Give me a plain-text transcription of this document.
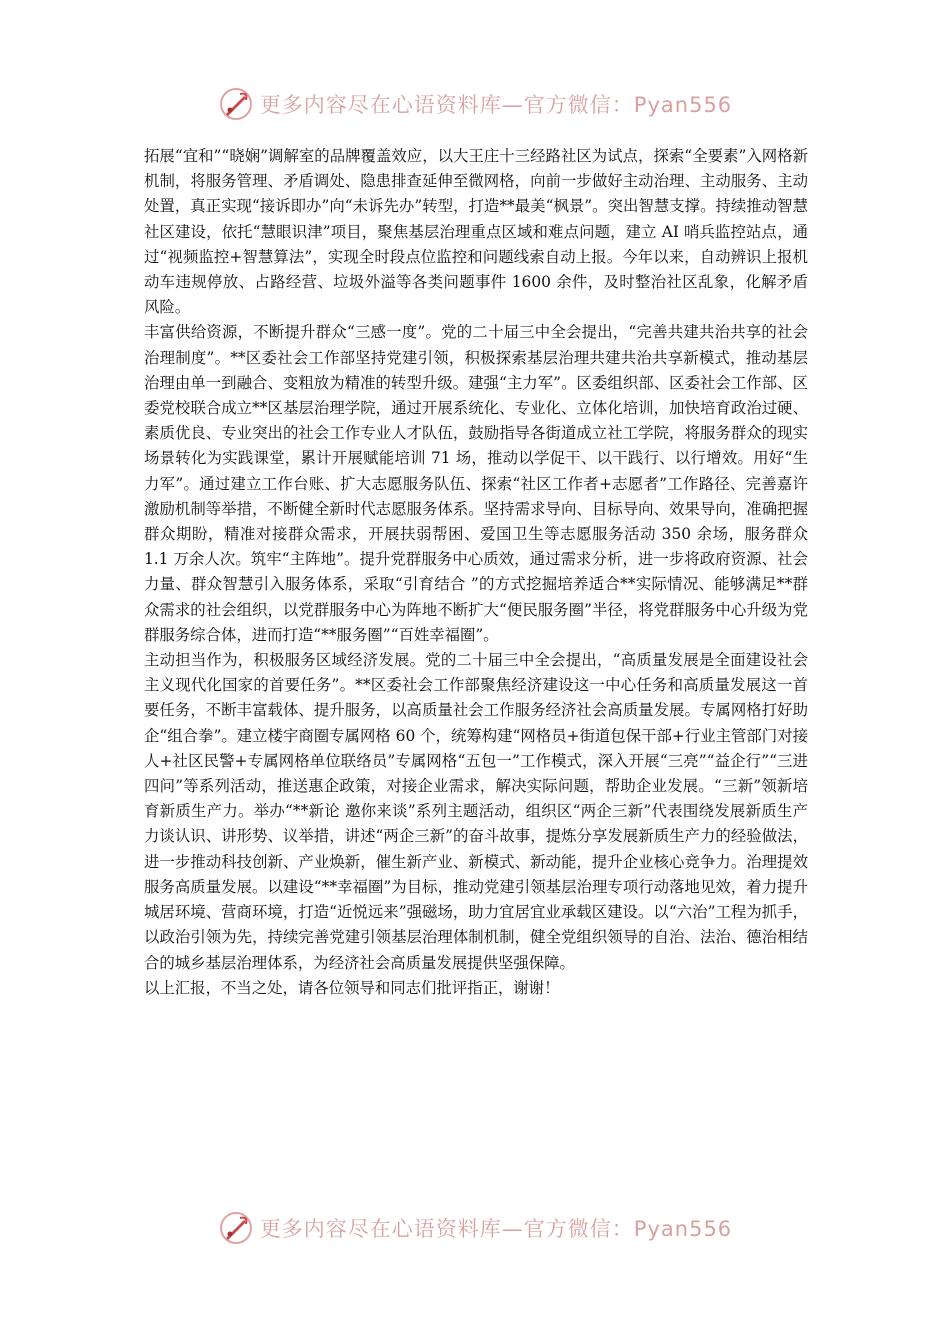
更多内容尽在心语资料库—官方微信：Pyan556

拓展“宜和”“晓娴”调解室的品牌覆盖效应，以大王庄十三经路社区为试点，探索“全要素”入网格新机制，将服务管理、矛盾调处、隐患排查延伸至微网格，向前一步做好主动治理、主动服务、主动处置，真正实现“接诉即办”向“未诉先办”转型，打造**最美“枫景”。突出智慧支撑。持续推动智慧社区建设，依托“慧眼识津”项目，聚焦基层治理重点区域和难点问题，建立 AI 哨兵监控站点，通过“视频监控+智慧算法”，实现全时段点位监控和问题线索自动上报。今年以来，自动辨识上报机动车违规停放、占路经营、垃圾外溢等各类问题事件 1600 余件，及时整治社区乱象，化解矛盾风险。

丰富供给资源，不断提升群众“三感一度”。党的二十届三中全会提出，“完善共建共治共享的社会治理制度”。**区委社会工作部坚持党建引领，积极探索基层治理共建共治共享新模式，推动基层治理由单一到融合、变粗放为精准的转型升级。建强“主力军”。区委组织部、区委社会工作部、区委党校联合成立**区基层治理学院，通过开展系统化、专业化、立体化培训，加快培育政治过硬、素质优良、专业突出的社会工作专业人才队伍，鼓励指导各街道成立社工学院，将服务群众的现实场景转化为实践课堂，累计开展赋能培训 71 场，推动以学促干、以干践行、以行增效。用好“生力军”。通过建立工作台账、扩大志愿服务队伍、探索“社区工作者+志愿者”工作路径、完善嘉许激励机制等举措，不断健全新时代志愿服务体系。坚持需求导向、目标导向、效果导向，准确把握群众期盼，精准对接群众需求，开展扶弱帮困、爱国卫生等志愿服务活动 350 余场，服务群众 1.1 万余人次。筑牢“主阵地”。提升党群服务中心质效，通过需求分析，进一步将政府资源、社会力量、群众智慧引入服务体系，采取“引育结合 ”的方式挖掘培养适合**实际情况、能够满足**群众需求的社会组织，以党群服务中心为阵地不断扩大“便民服务圈”半径，将党群服务中心升级为党群服务综合体，进而打造“**服务圈”“百姓幸福圈”。

主动担当作为，积极服务区域经济发展。党的二十届三中全会提出，“高质量发展是全面建设社会主义现代化国家的首要任务”。**区委社会工作部聚焦经济建设这一中心任务和高质量发展这一首要任务，不断丰富载体、提升服务，以高质量社会工作服务经济社会高质量发展。专属网格打好助企“组合拳”。建立楼宇商圈专属网格 60 个，统筹构建“网格员+街道包保干部+行业主管部门对接人+社区民警+专属网格单位联络员”专属网格“五包一”工作模式，深入开展“三亮”“益企行”“三进四问”等系列活动，推送惠企政策，对接企业需求，解决实际问题，帮助企业发展。“三新”领新培育新质生产力。举办“**新论 邀你来谈”系列主题活动，组织区“两企三新”代表围绕发展新质生产力谈认识、讲形势、议举措，讲述“两企三新”的奋斗故事，提炼分享发展新质生产力的经验做法，进一步推动科技创新、产业焕新，催生新产业、新模式、新动能，提升企业核心竞争力。治理提效服务高质量发展。以建设“**幸福圈”为目标，推动党建引领基层治理专项行动落地见效，着力提升城居环境、营商环境，打造“近悦远来”强磁场，助力宜居宜业承载区建设。以“六治”工程为抓手，以政治引领为先，持续完善党建引领基层治理体制机制，健全党组织领导的自治、法治、德治相结合的城乡基层治理体系，为经济社会高质量发展提供坚强保障。

以上汇报，不当之处，请各位领导和同志们批评指正，谢谢！

更多内容尽在心语资料库—官方微信：Pyan556
